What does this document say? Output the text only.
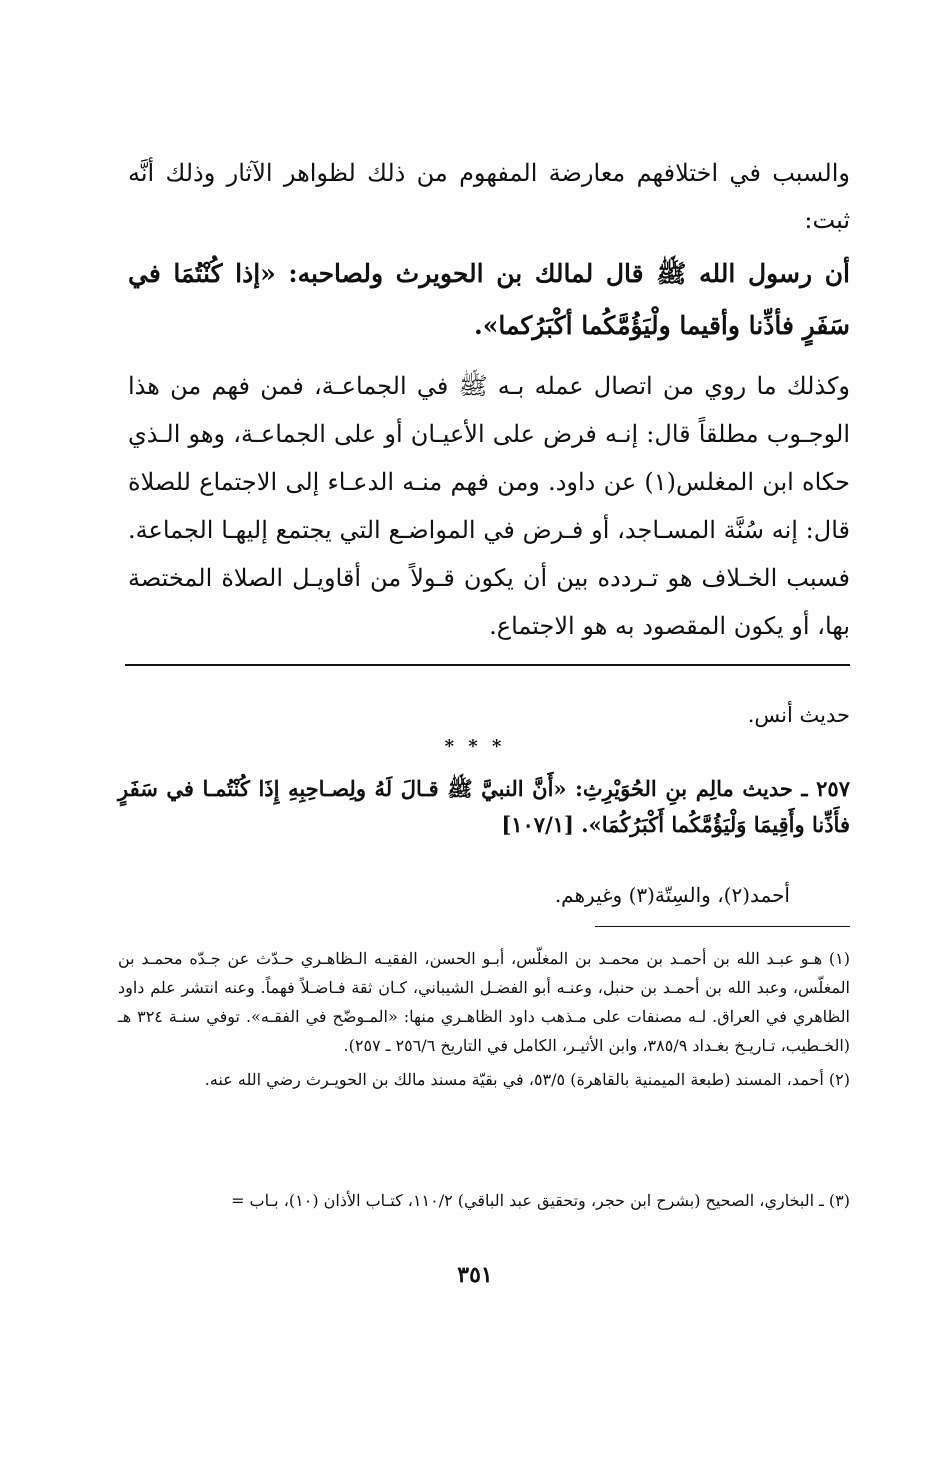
والسبب في اختلافهم معارضة المفهوم من ذلك لظواهر الآثار وذلك أنَّه ثبت:

أن رسول الله ﷺ قال لمالك بن الحويرث ولصاحبه: «إذا كُنْتُمَا في سَفَرٍ فأذِّنا وأقيما ولْيَؤُمَّكُما أكْبَرُكما».

وكذلك ما روي من اتصال عمله بـه ﷺ في الجماعـة، فمن فهم من هذا الوجـوب مطلقاً قال: إنـه فرض على الأعيـان أو على الجماعـة، وهو الـذي حكاه ابن المغلس(١) عن داود. ومن فهم منـه الدعـاء إلى الاجتماع للصلاة قال: إنه سُنَّة المسـاجد، أو فـرض في المواضـع التي يجتمع إليهـا الجماعة. فسبب الخـلاف هو تـردده بين أن يكون قـولاً من أقاويـل الصلاة المختصة بها، أو يكون المقصود به هو الاجتماع.

حديث أنس.
* * *
٢٥٧ ـ حديث مالِم بنِ الحُوَيْرِثِ: «أَنَّ النبيَّ ﷺ قـالَ لَهُ ولِصـاحِبِهِ إِذَا كُنْتُمـا في سَفَرٍ فأَذِّنا وأَقِيمَا وَلْيَؤُمَّكُما أَكْبَرُكُمَا». [١٠٧/١]
أحمد(٢)، والسِتّة(٣) وغيرهم.

(١) هـو عبـد الله بن أحمـد بن محمـد بن المغلّس، أبـو الحسن، الفقيـه الـظاهـري حـدّث عن جـدّه محمـد بن المغلّس، وعبد الله بن أحمـد بن حنبل، وعنـه أبو الفضـل الشيباني، كـان ثقة فـاضـلاً فهماً. وعنه انتشر علم داود الظاهري في العراق. لـه مصنفات على مـذهب داود الظاهـري منها: «المـوضّح في الفقـه». توفي سنـة ٣٢٤ هـ (الخـطيب، تـاريـخ بغـداد ٣٨٥/٩، وابن الأثيـر، الكامل في التاريخ ٢٥٦/٦ ـ ٢٥٧).

(٢) أحمد، المسند (طبعة الميمنية بالقاهرة) ٥٣/٥، في بقيّة مسند مالك بن الحويـرث رضي الله عنه.

(٣) ـ البخاري، الصحيح (بشرح ابن حجر، وتحقيق عبد الباقي) ١١٠/٢، كتـاب الأذان (١٠)، بـاب =
٣٥١
